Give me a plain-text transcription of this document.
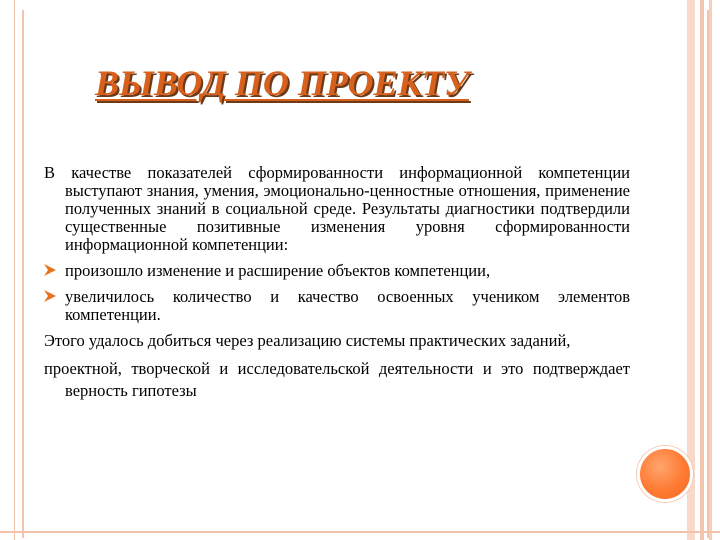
ВЫВОД ПО ПРОЕКТУ

В качестве показателей сформированности информационной компетенции выступают знания, умения, эмоционально-ценностные отношения, применение полученных знаний в социальной среде. Результаты диагностики подтвердили существенные позитивные изменения уровня сформированности информационной компетенции:

произошло изменение и расширение объектов компетенции,
увеличилось количество и качество освоенных учеником элементов компетенции.

Этого удалось добиться через реализацию системы практических заданий,

проектной, творческой и исследовательской деятельности и это подтверждает верность гипотезы
